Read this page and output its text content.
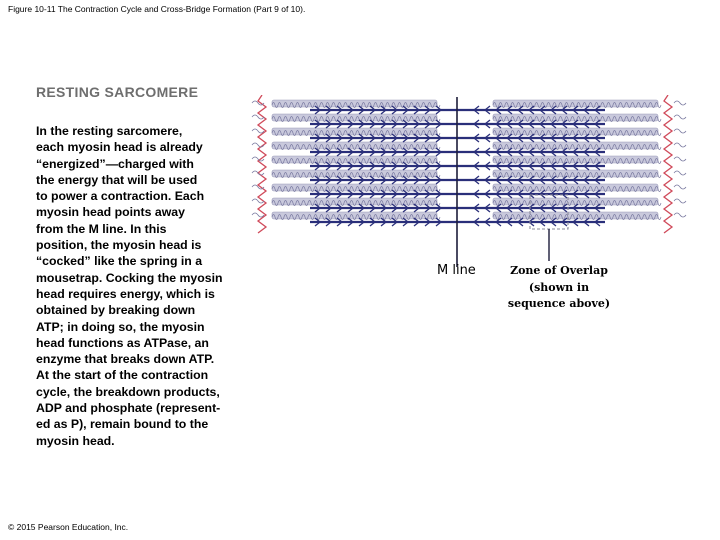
Figure 10-11 The Contraction Cycle and Cross-Bridge Formation (Part 9 of 10).
RESTING SARCOMERE

In the resting sarcomere,
each myosin head is already
“energized”—charged with
the energy that will be used
to power a contraction. Each
myosin head points away
from the M line. In this
position, the myosin head is
“cocked” like the spring in a
mousetrap. Cocking the myosin
head requires energy, which is
obtained by breaking down
ATP; in doing so, the myosin
head functions as ATPase, an
enzyme that breaks down ATP.
At the start of the contraction
cycle, the breakdown products,
ADP and phosphate (represent-
ed as P), remain bound to the
myosin head.

M line	Zone of Overlap
(shown in
sequence above)
© 2015 Pearson Education, Inc.
